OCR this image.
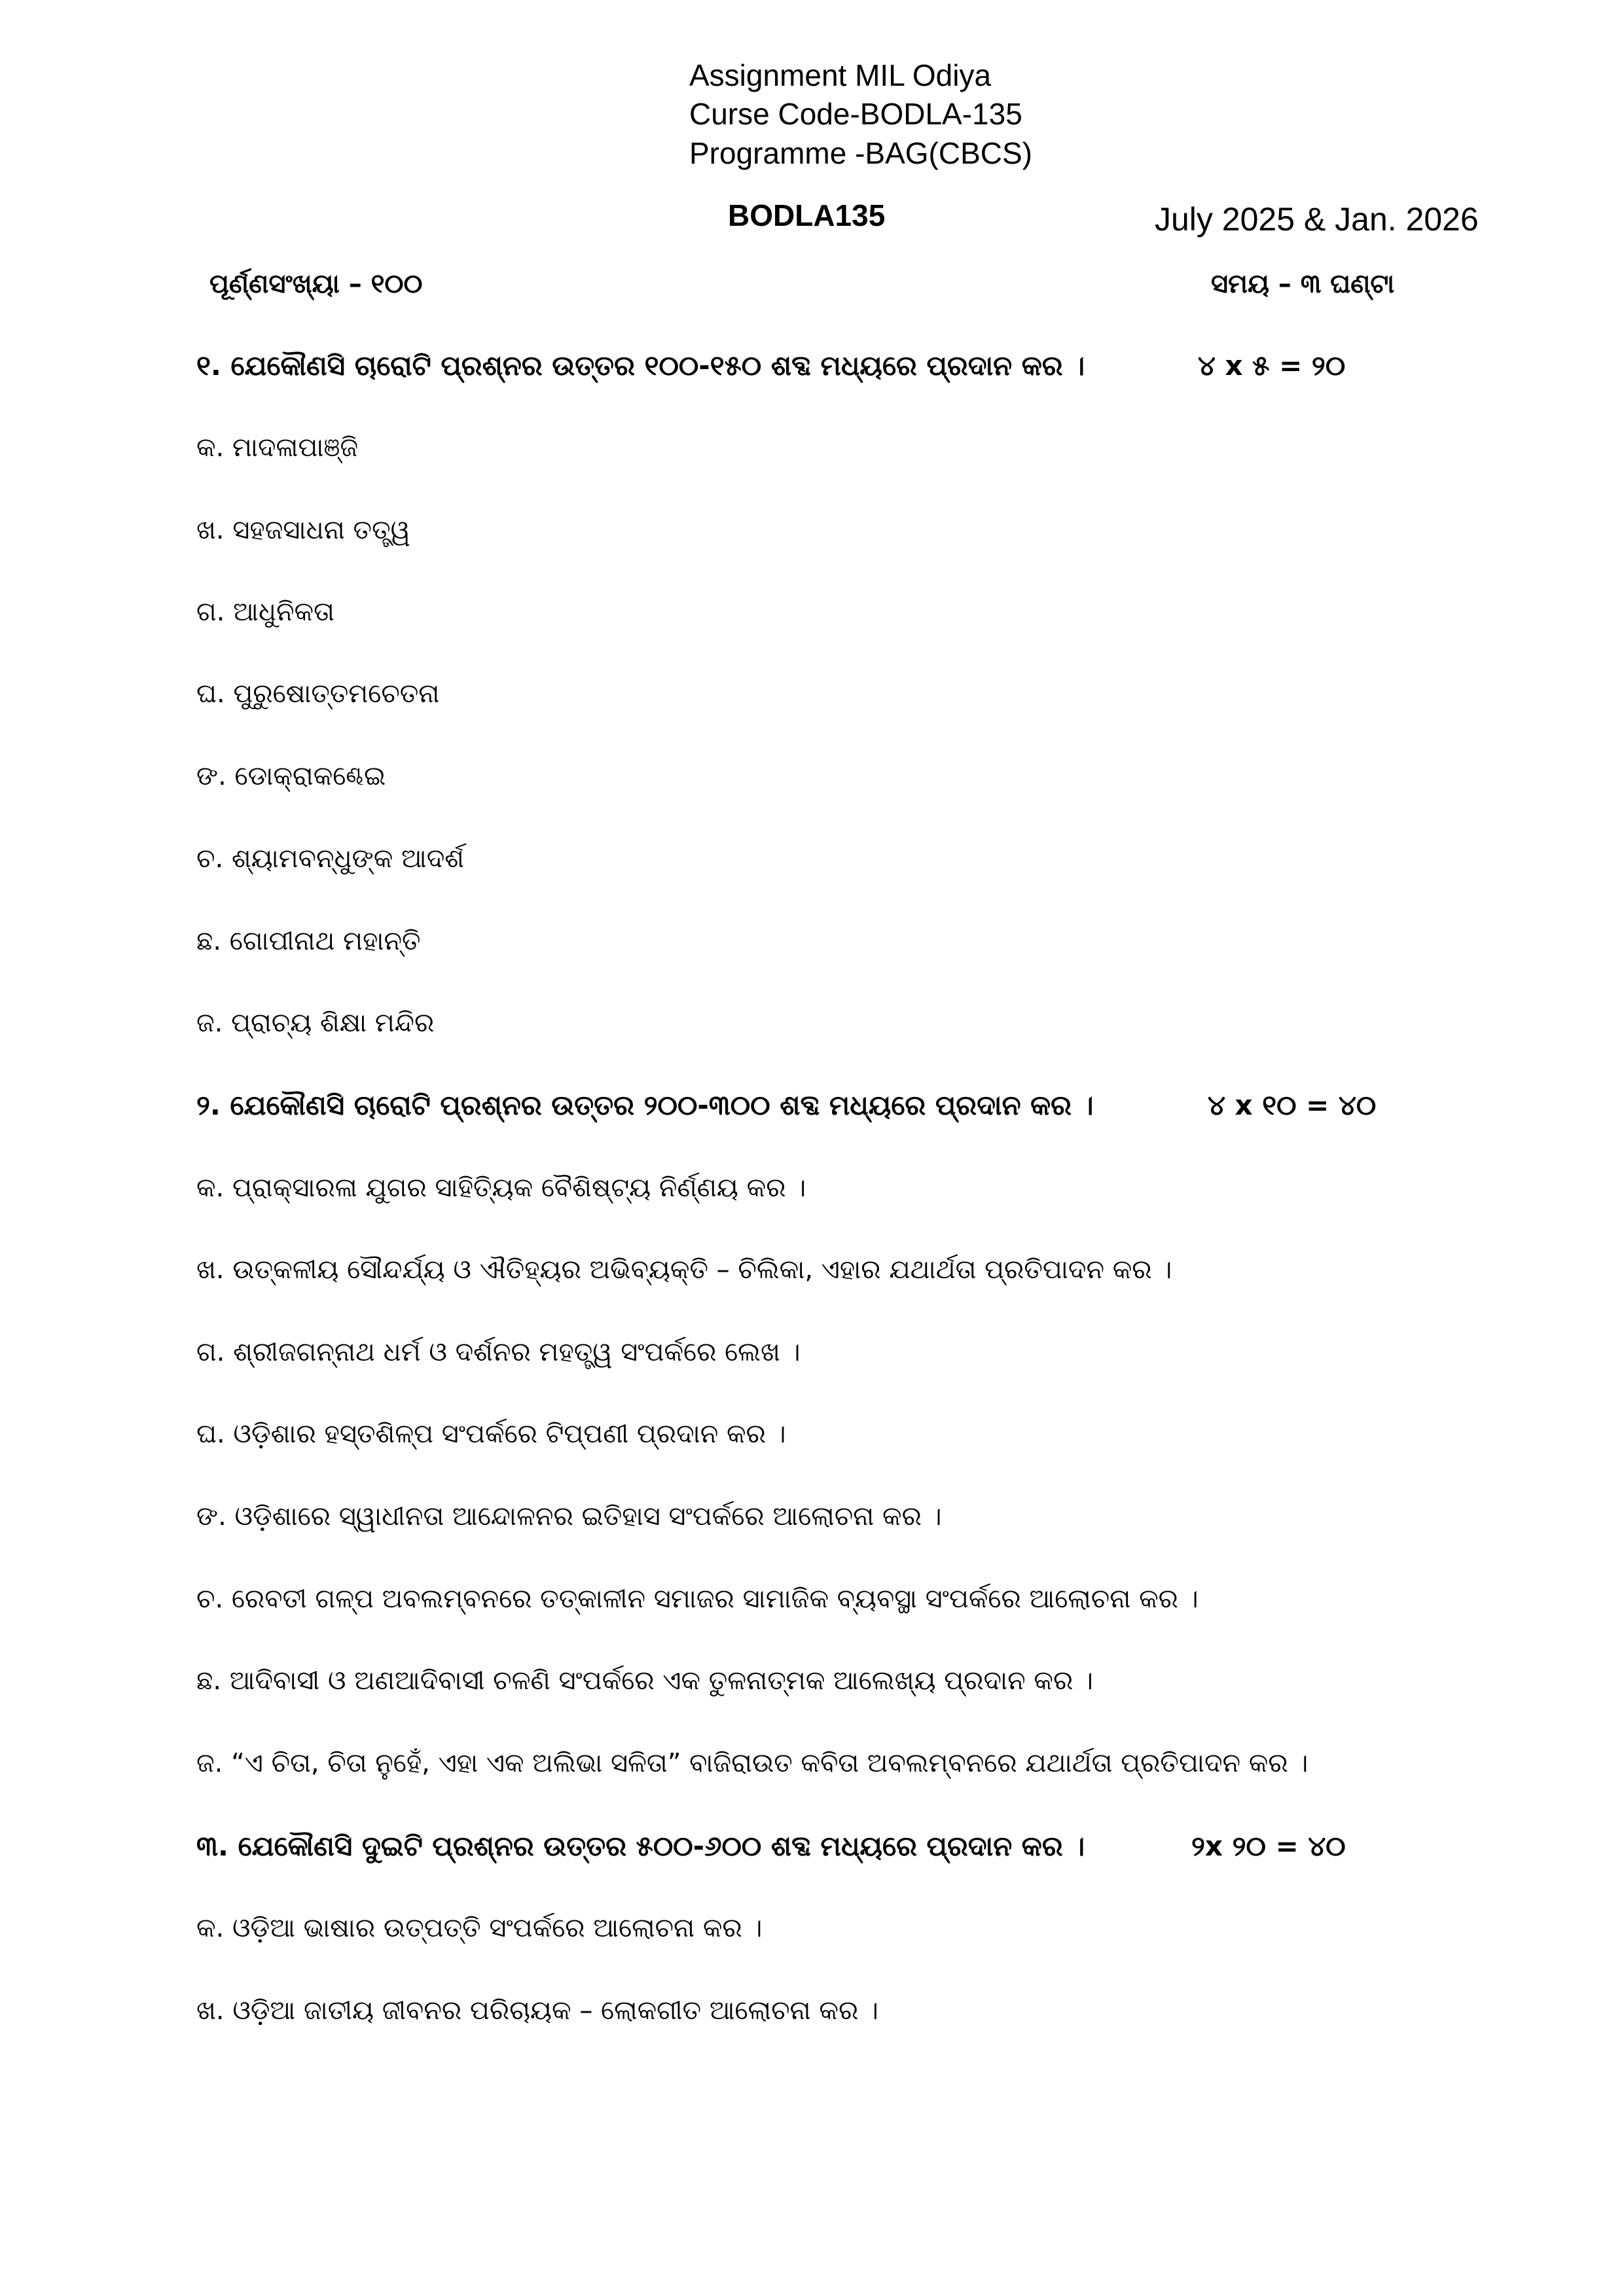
Assignment MIL Odiya
Curse Code-BODLA-135
Programme -BAG(CBCS)
BODLA135	July 2025 & Jan. 2026
ପୂର୍ଣ୍ଣସଂଖ୍ୟା – ୧୦୦	ସମୟ – ୩ ଘଣ୍ଟା
୧. ଯେକୌଣସି ଚାରୋଟି ପ୍ରଶ୍ନର ଉତ୍ତର ୧୦୦-୧୫୦ ଶବ୍ଦ ମଧ୍ୟରେ ପ୍ରଦାନ କର ।	୪ x ୫ = ୨୦
କ. ମାଦଳାପାଞ୍ଜି
ଖ. ସହଜସାଧନା ତତ୍ତ୍ୱ
ଗ. ଆଧୁନିକତା
ଘ. ପୁରୁଷୋତ୍ତମଚେତନା
ଙ. ଡୋକ୍ରାକଣ୍ଢେଇ
ଚ. ଶ୍ୟାମବନ୍ଧୁଙ୍କ ଆଦର୍ଶ
ଛ. ଗୋପୀନାଥ ମହାନ୍ତି
ଜ. ପ୍ରାଚ୍ୟ ଶିକ୍ଷା ମନ୍ଦିର
୨. ଯେକୌଣସି ଚାରୋଟି ପ୍ରଶ୍ନର ଉତ୍ତର ୨୦୦-୩୦୦ ଶବ୍ଦ ମଧ୍ୟରେ ପ୍ରଦାନ କର ।	୪ x ୧୦ = ୪୦
କ. ପ୍ରାକ୍ସାରଳା ଯୁଗର ସାହିତ୍ୟିକ ବୈଶିଷ୍ଟ୍ୟ ନିର୍ଣ୍ଣୟ କର ।
ଖ. ଉତ୍କଳୀୟ ସୌନ୍ଦର୍ଯ୍ୟ ଓ ଐତିହ୍ୟର ଅଭିବ୍ୟକ୍ତି – ଚିଲିକା, ଏହାର ଯଥାର୍ଥତା ପ୍ରତିପାଦନ କର ।
ଗ. ଶ୍ରୀଜଗନ୍ନାଥ ଧର୍ମ ଓ ଦର୍ଶନର ମହତ୍ତ୍ୱ ସଂପର୍କରେ ଲେଖ ।
ଘ. ଓଡ଼ିଶାର ହସ୍ତଶିଳ୍ପ ସଂପର୍କରେ ଟିପ୍ପଣୀ ପ୍ରଦାନ କର ।
ଙ. ଓଡ଼ିଶାରେ ସ୍ୱାଧୀନତା ଆନ୍ଦୋଳନର ଇତିହାସ ସଂପର୍କରେ ଆଲୋଚନା କର ।
ଚ. ରେବତୀ ଗଳ୍ପ ଅବଲମ୍ବନରେ ତତ୍କାଳୀନ ସମାଜର ସାମାଜିକ ବ୍ୟବସ୍ଥା ସଂପର୍କରେ ଆଲୋଚନା କର ।
ଛ. ଆଦିବାସୀ ଓ ଅଣଆଦିବାସୀ ଚଳଣି ସଂପର୍କରେ ଏକ ତୁଳନାତ୍ମକ ଆଲେଖ୍ୟ ପ୍ରଦାନ କର ।
ଜ. “ଏ ଚିତା, ଚିତା ନୁହେଁ, ଏହା ଏକ ଅଲିଭା ସଳିତା” ବାଜିରାଉତ କବିତା ଅବଲମ୍ବନରେ ଯଥାର୍ଥତା ପ୍ରତିପାଦନ କର ।
୩. ଯେକୌଣସି ଦୁଇଟି ପ୍ରଶ୍ନର ଉତ୍ତର ୫୦୦-୬୦୦ ଶବ୍ଦ ମଧ୍ୟରେ ପ୍ରଦାନ କର ।	୨x ୨୦ = ୪୦
କ. ଓଡ଼ିଆ ଭାଷାର ଉତ୍ପତ୍ତି ସଂପର୍କରେ ଆଲୋଚନା କର ।
ଖ. ଓଡ଼ିଆ ଜାତୀୟ ଜୀବନର ପରିଚାୟକ – ଲୋକଗୀତ ଆଲୋଚନା କର ।
